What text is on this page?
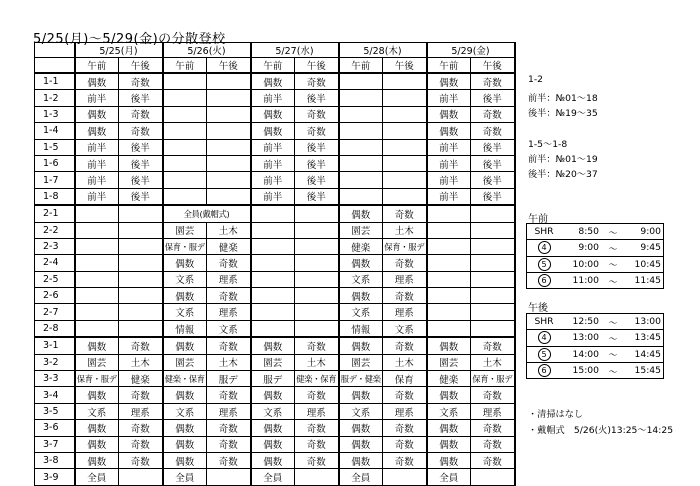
5/25(月)〜5/29(金)の分散登校
	5/25(月)		5/26(火)		5/27(水)		5/28(木)		5/29(金)	
	午前	午後	午前	午後	午前	午後	午前	午後	午前	午後
1-1	偶数	奇数			偶数	奇数			偶数	奇数
1-2	前半	後半			前半	後半			前半	後半
1-3	偶数	奇数			偶数	奇数			偶数	奇数
1-4	偶数	奇数			偶数	奇数			偶数	奇数
1-5	前半	後半			前半	後半			前半	後半
1-6	前半	後半			前半	後半			前半	後半
1-7	前半	後半			前半	後半			前半	後半
1-8	前半	後半			前半	後半			前半	後半
2-1			全員(戴帽式)				偶数	奇数		
2-2			園芸	土木			園芸	土木		
2-3			保育・服デ	健楽			健楽	保育・服デ		
2-4			偶数	奇数			偶数	奇数		
2-5			文系	理系			文系	理系		
2-6			偶数	奇数			偶数	奇数		
2-7			文系	理系			文系	理系		
2-8			情報	文系			情報	文系		
3-1	偶数	奇数	偶数	奇数	偶数	奇数	偶数	奇数	偶数	奇数
3-2	園芸	土木	園芸	土木	園芸	土木	園芸	土木	園芸	土木
3-3	保育・服デ	健楽	健楽・保育	服デ	服デ	健楽・保育	服デ・健楽	保育	健楽	保育・服デ
3-4	偶数	奇数	偶数	奇数	偶数	奇数	偶数	奇数	偶数	奇数
3-5	文系	理系	文系	理系	文系	理系	文系	理系	文系	理系
3-6	偶数	奇数	偶数	奇数	偶数	奇数	偶数	奇数	偶数	奇数
3-7	偶数	奇数	偶数	奇数	偶数	奇数	偶数	奇数	偶数	奇数
3-8	偶数	奇数	偶数	奇数	偶数	奇数	偶数	奇数	偶数	奇数
3-9	全員		全員		全員		全員		全員	
1-2
前半：№01〜18
後半：№19〜35
1-5〜1-8
前半：№01〜19
後半：№20〜37
午前
SHR	8:50	〜	9:00
4	9:00	〜	9:45
5	10:00	〜	10:45
6	11:00	〜	11:45
午後
SHR	12:50	〜	13:00
4	13:00	〜	13:45
5	14:00	〜	14:45
6	15:00	〜	15:45
・清掃はなし
・戴帽式　5/26(火)13:25〜14:25
